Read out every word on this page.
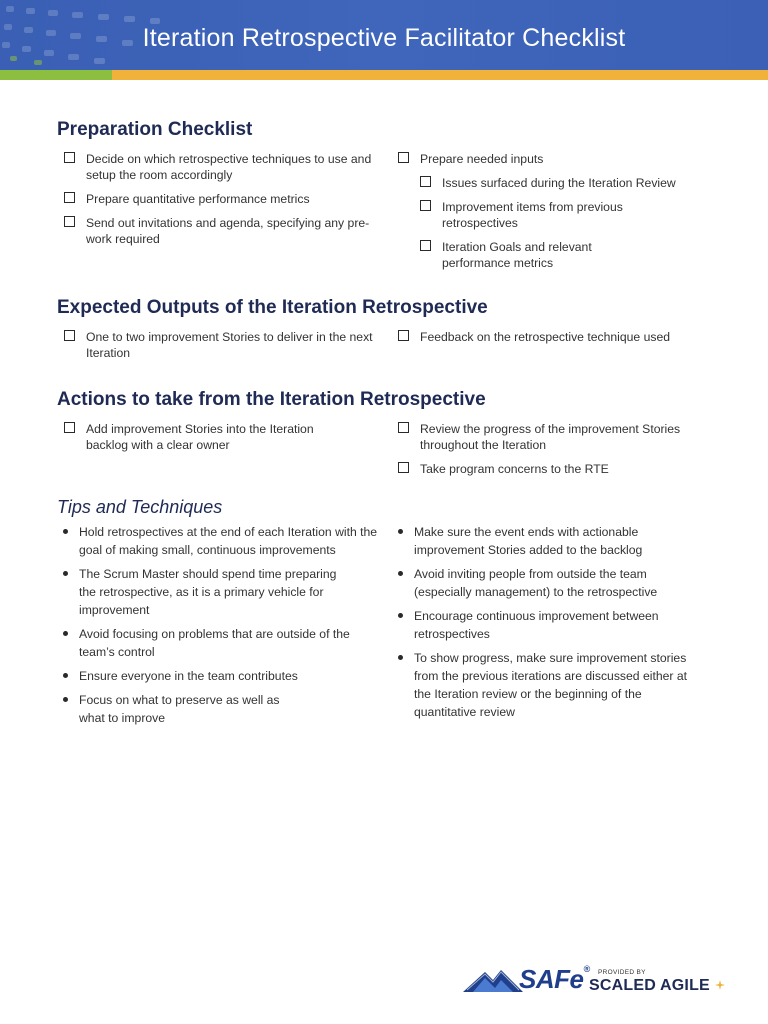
Iteration Retrospective Facilitator Checklist
Preparation Checklist
Decide on which retrospective techniques to use and setup the room accordingly
Prepare quantitative performance metrics
Send out invitations and agenda, specifying any pre-work required
Prepare needed inputs
Issues surfaced during the Iteration Review
Improvement items from previous retrospectives
Iteration Goals and relevant performance metrics
Expected Outputs of the Iteration Retrospective
One to two improvement Stories to deliver in the next Iteration
Feedback on the retrospective technique used
Actions to take from the Iteration Retrospective
Add improvement Stories into the Iteration backlog with a clear owner
Review the progress of the improvement Stories throughout the Iteration
Take program concerns to the RTE
Tips and Techniques
Hold retrospectives at the end of each Iteration with the goal of making small, continuous improvements
The Scrum Master should spend time preparing the retrospective, as it is a primary vehicle for improvement
Avoid focusing on problems that are outside of the team’s control
Ensure everyone in the team contributes
Focus on what to preserve as well as what to improve
Make sure the event ends with actionable improvement Stories added to the backlog
Avoid inviting people from outside the team (especially management) to the retrospective
Encourage continuous improvement between retrospectives
To show progress, make sure improvement stories from the previous iterations are discussed either at the Iteration review or the beginning of the quantitative review
SAFe® PROVIDED BY
SCALED AGILE
